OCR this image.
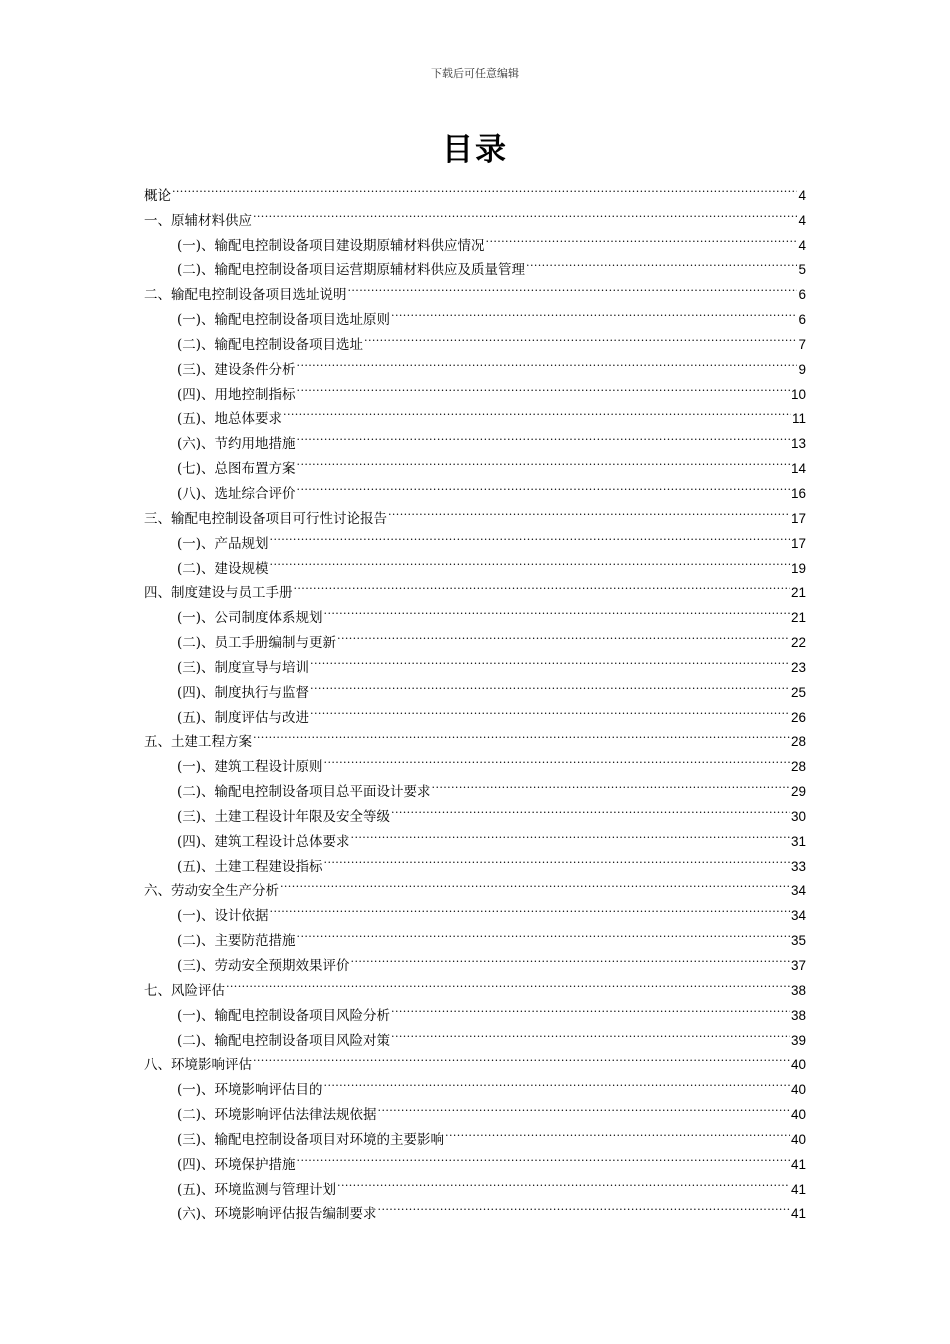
下载后可任意编辑
目录
概论 .....	4
一、原辅材料供应 .....	4
(一)、输配电控制设备项目建设期原辅材料供应情况 .....	4
(二)、输配电控制设备项目运营期原辅材料供应及质量管理 .....	5
二、输配电控制设备项目选址说明 .....	6
(一)、输配电控制设备项目选址原则 .....	6
(二)、输配电控制设备项目选址 .....	7
(三)、建设条件分析 .....	9
(四)、用地控制指标 .....	10
(五)、地总体要求 .....	11
(六)、节约用地措施 .....	13
(七)、总图布置方案 .....	14
(八)、选址综合评价 .....	16
三、输配电控制设备项目可行性讨论报告 .....	17
(一)、产品规划 .....	17
(二)、建设规模 .....	19
四、制度建设与员工手册 .....	21
(一)、公司制度体系规划 .....	21
(二)、员工手册编制与更新 .....	22
(三)、制度宣导与培训 .....	23
(四)、制度执行与监督 .....	25
(五)、制度评估与改进 .....	26
五、土建工程方案 .....	28
(一)、建筑工程设计原则 .....	28
(二)、输配电控制设备项目总平面设计要求 .....	29
(三)、土建工程设计年限及安全等级 .....	30
(四)、建筑工程设计总体要求 .....	31
(五)、土建工程建设指标 .....	33
六、劳动安全生产分析 .....	34
(一)、设计依据 .....	34
(二)、主要防范措施 .....	35
(三)、劳动安全预期效果评价 .....	37
七、风险评估 .....	38
(一)、输配电控制设备项目风险分析 .....	38
(二)、输配电控制设备项目风险对策 .....	39
八、环境影响评估 .....	40
(一)、环境影响评估目的 .....	40
(二)、环境影响评估法律法规依据 .....	40
(三)、输配电控制设备项目对环境的主要影响 .....	40
(四)、环境保护措施 .....	41
(五)、环境监测与管理计划 .....	41
(六)、环境影响评估报告编制要求 .....	41
